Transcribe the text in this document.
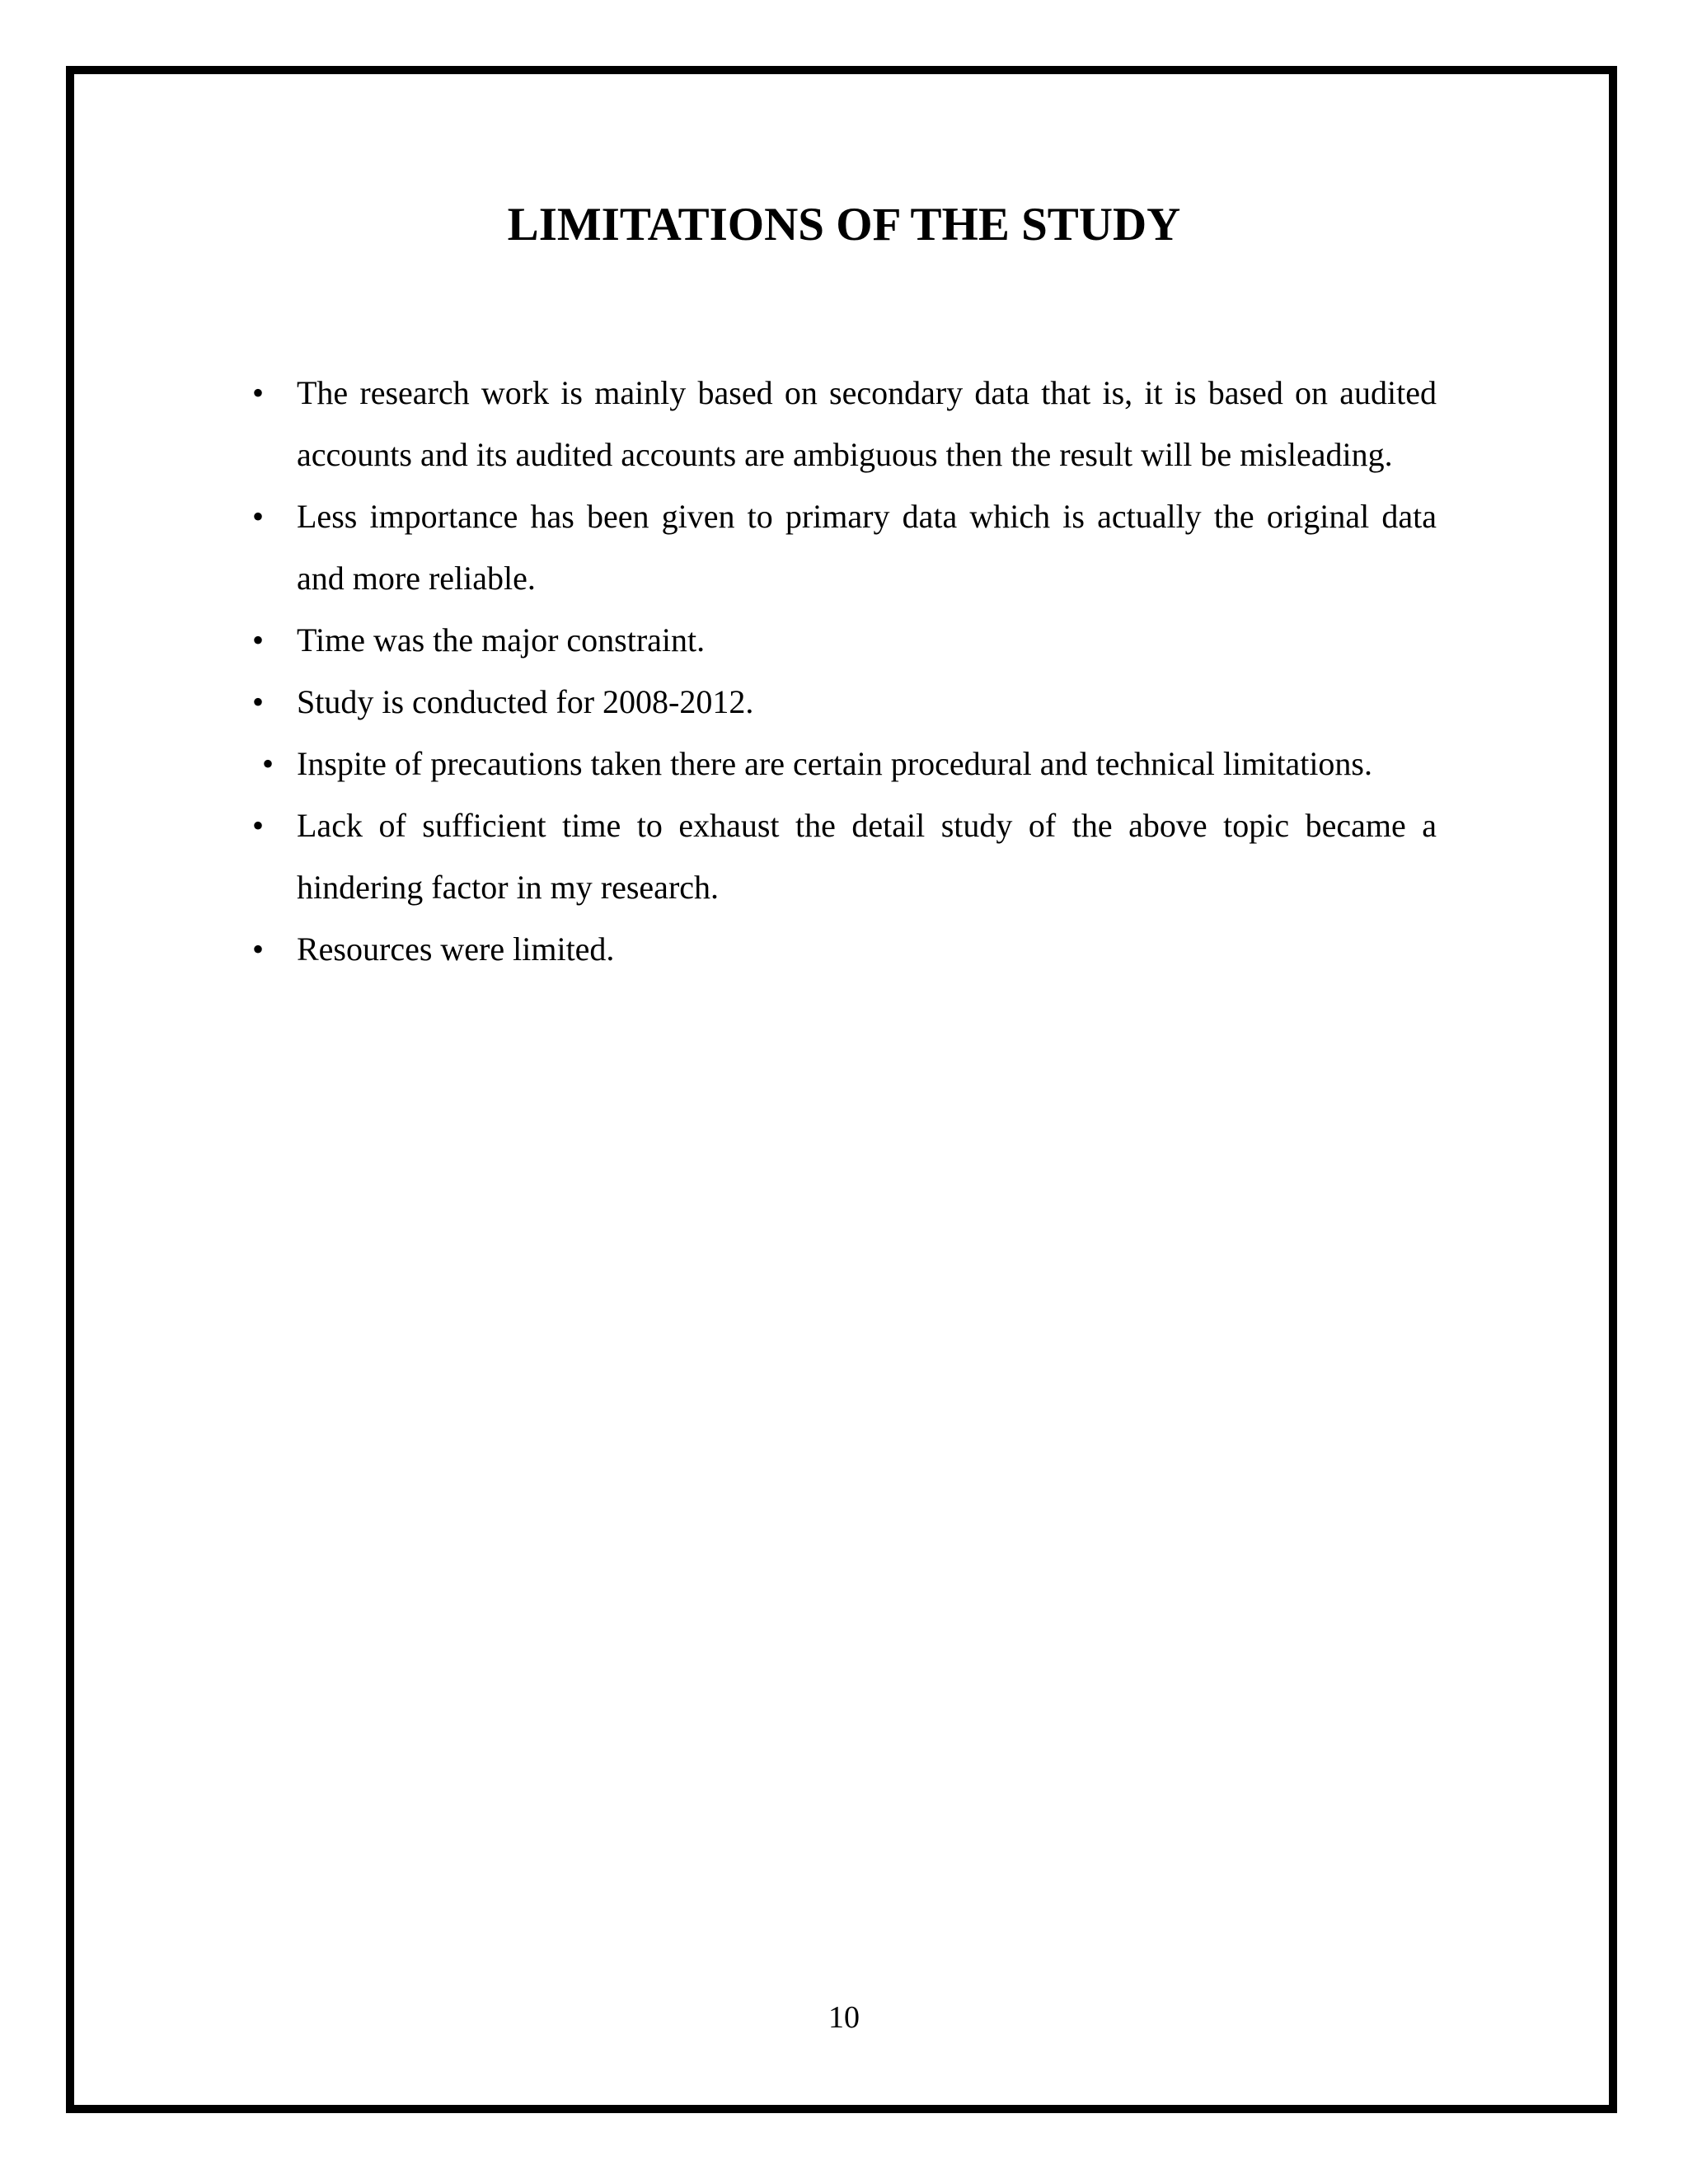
LIMITATIONS OF THE STUDY
• The research work is mainly based on secondary data that is, it is based on audited accounts and its audited accounts are ambiguous then the result will be misleading.
• Less importance has been given to primary data which is actually the original data and more reliable.
• Time was the major constraint.
• Study is conducted for 2008-2012.
• Inspite of precautions taken there are certain procedural and technical limitations.
• Lack of sufficient time to exhaust the detail study of the above topic became a hindering factor in my research.
• Resources were limited.
10
